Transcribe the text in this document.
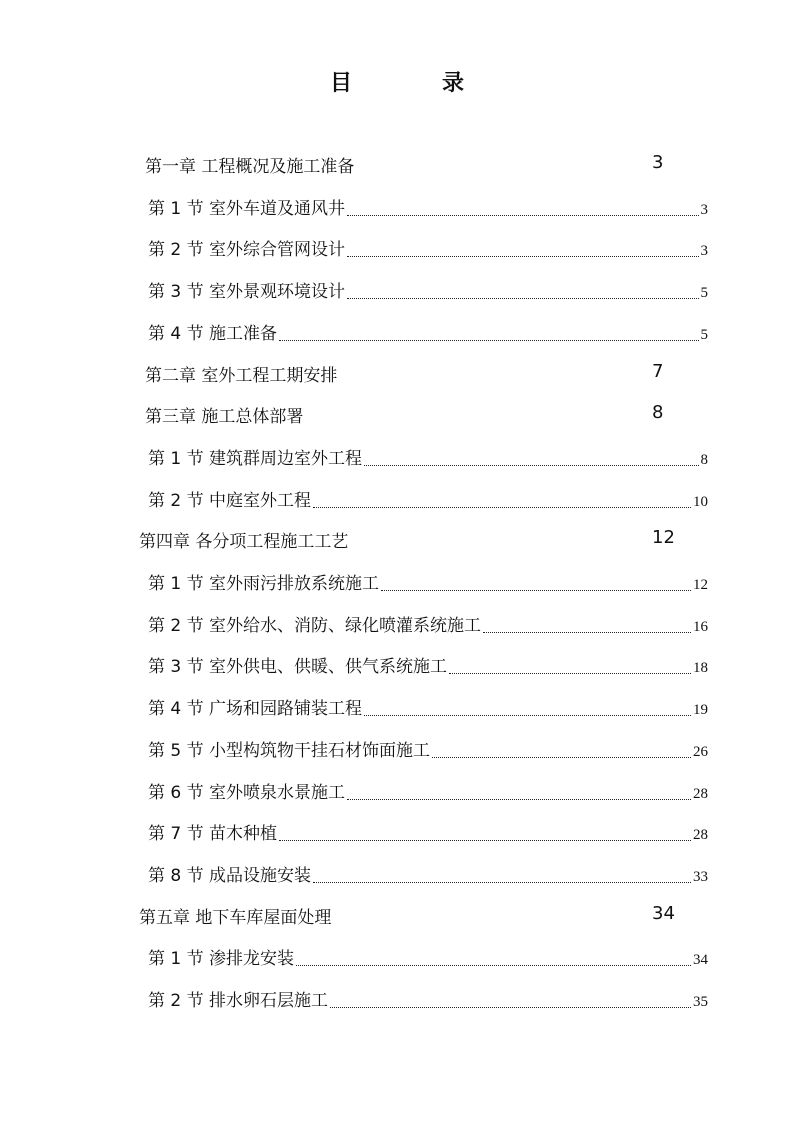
目　录
第一章 工程概况及施工准备	3
第 1 节 室外车道及通风井	3
第 2 节 室外综合管网设计	3
第 3 节 室外景观环境设计	5
第 4 节 施工准备	5
第二章 室外工程工期安排	7
第三章 施工总体部署	8
第 1 节 建筑群周边室外工程	8
第 2 节 中庭室外工程	10
第四章 各分项工程施工工艺	12
第 1 节 室外雨污排放系统施工	12
第 2 节 室外给水、消防、绿化喷灌系统施工	16
第 3 节 室外供电、供暖、供气系统施工	18
第 4 节 广场和园路铺装工程	19
第 5 节 小型构筑物干挂石材饰面施工	26
第 6 节 室外喷泉水景施工	28
第 7 节 苗木种植	28
第 8 节 成品设施安装	33
第五章 地下车库屋面处理	34
第 1 节 渗排龙安装	34
第 2 节 排水卵石层施工	35
